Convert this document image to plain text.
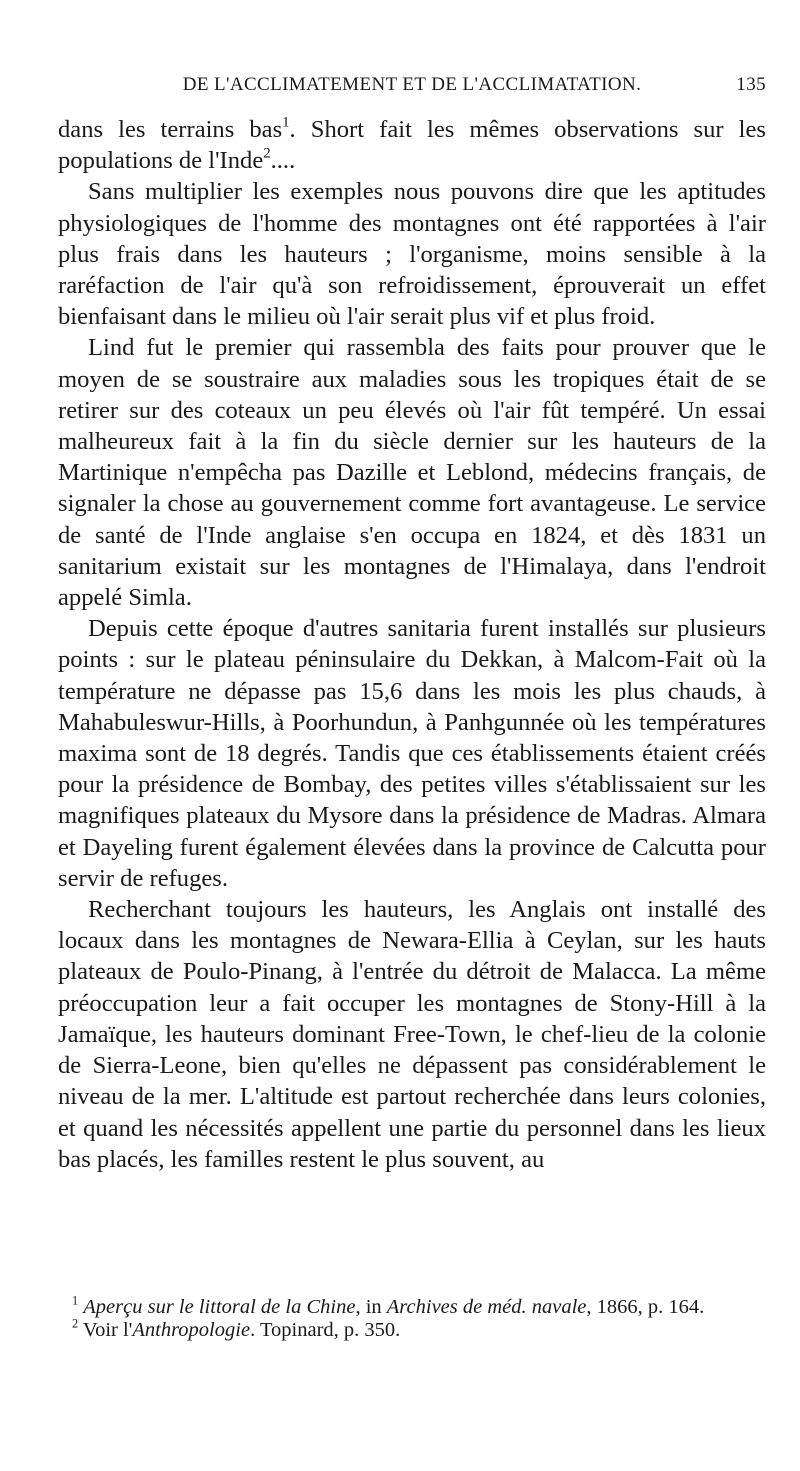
DE L'ACCLIMATEMENT ET DE L'ACCLIMATATION.	135

dans les terrains bas$^1$. Short fait les mêmes observations sur les populations de l'Inde$^2$....

Sans multiplier les exemples nous pouvons dire que les aptitudes physiologiques de l'homme des montagnes ont été rapportées à l'air plus frais dans les hauteurs ; l'organisme, moins sensible à la raréfaction de l'air qu'à son refroidissement, éprouverait un effet bienfaisant dans le milieu où l'air serait plus vif et plus froid.

Lind fut le premier qui rassembla des faits pour prouver que le moyen de se soustraire aux maladies sous les tropiques était de se retirer sur des coteaux un peu élevés où l'air fût tempéré. Un essai malheureux fait à la fin du siècle dernier sur les hauteurs de la Martinique n'empêcha pas Dazille et Leblond, médecins français, de signaler la chose au gouvernement comme fort avantageuse. Le service de santé de l'Inde anglaise s'en occupa en 1824, et dès 1831 un sanitarium existait sur les montagnes de l'Himalaya, dans l'endroit appelé Simla.

Depuis cette époque d'autres sanitaria furent installés sur plusieurs points : sur le plateau péninsulaire du Dekkan, à Malcom-Fait où la température ne dépasse pas 15,6 dans les mois les plus chauds, à Mahabuleswur-Hills, à Poorhundun, à Panhgunnée où les températures maxima sont de 18 degrés. Tandis que ces établissements étaient créés pour la présidence de Bombay, des petites villes s'établissaient sur les magnifiques plateaux du Mysore dans la présidence de Madras. Almara et Dayeling furent également élevées dans la province de Calcutta pour servir de refuges.

Recherchant toujours les hauteurs, les Anglais ont installé des locaux dans les montagnes de Newara-Ellia à Ceylan, sur les hauts plateaux de Poulo-Pinang, à l'entrée du détroit de Malacca. La même préoccupation leur a fait occuper les montagnes de Stony-Hill à la Jamaïque, les hauteurs dominant Free-Town, le chef-lieu de la colonie de Sierra-Leone, bien qu'elles ne dépassent pas considérablement le niveau de la mer. L'altitude est partout recherchée dans leurs colonies, et quand les nécessités appellent une partie du personnel dans les lieux bas placés, les familles restent le plus souvent, au

$^1$ Aperçu sur le littoral de la Chine, in Archives de méd. navale, 1866, p. 164.

$^2$ Voir l'Anthropologie. Topinard, p. 350.
